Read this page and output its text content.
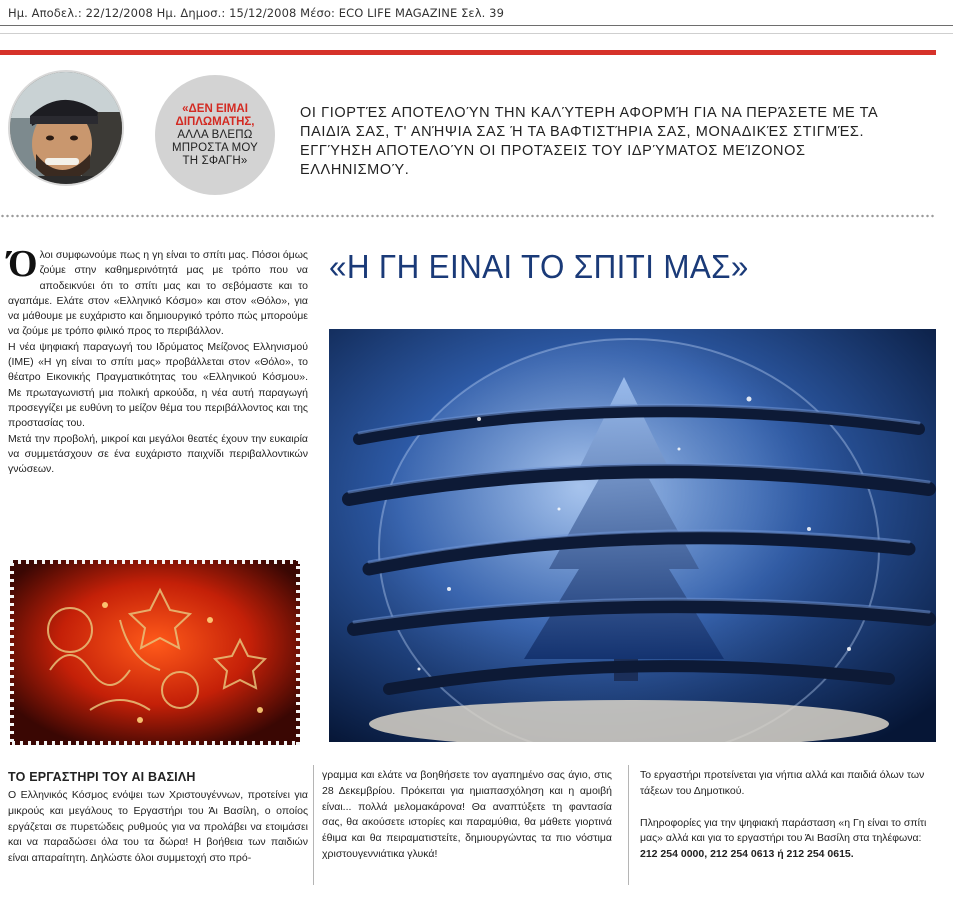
Ημ. Αποδελ.: 22/12/2008 Ημ. Δημοσ.: 15/12/2008 Μέσο: ECO LIFE MAGAZINE Σελ. 39
«ΔΕΝ ΕΙΜΑΙ
ΔΙΠΛΩΜΑΤΗΣ,
ΑΛΛΑ ΒΛΕΠΩ
ΜΠΡΟΣΤΑ ΜΟΥ
ΤΗ ΣΦΑΓΗ»
ΟΙ ΓΙΟΡΤΈΣ ΑΠΟΤΕΛΟΎΝ ΤΗΝ ΚΑΛΎΤΕΡΗ ΑΦΟΡΜΉ ΓΙΑ ΝΑ ΠΕΡΆΣΕΤΕ ΜΕ ΤΑ ΠΑΙΔΙΆ ΣΑΣ, Τ' ΑΝΉΨΙΑ ΣΑΣ Ή ΤΑ ΒΑΦΤΙΣΤΉΡΙΑ ΣΑΣ, ΜΟΝΑΔΙΚΈΣ ΣΤΙΓΜΈΣ. ΕΓΓΎΗΣΗ ΑΠΟΤΕΛΟΎΝ ΟΙ ΠΡΟΤΆΣΕΙΣ ΤΟΥ ΙΔΡΎΜΑΤΟΣ ΜΕΊΖΟΝΟΣ ΕΛΛΗΝΙΣΜΟΎ.

Όλοι συμφωνούμε πως η γη είναι το σπίτι μας. Πόσοι όμως ζούμε στην καθημερινότητά μας με τρόπο που να αποδεικνύει ότι το σπίτι μας και το σεβόμαστε και το αγαπάμε. Ελάτε στον «Ελληνικό Κόσμο» και στον «Θόλο», για να μάθουμε με ευχάριστο και δημιουργικό τρόπο πώς μπορούμε να ζούμε με τρόπο φιλικό προς το περιβάλλον.

Η νέα ψηφιακή παραγωγή του Ιδρύματος Μείζονος Ελληνισμού (ΙΜΕ) «Η γη είναι το σπίτι μας» προβάλλεται στον «Θόλο», το θέατρο Εικονικής Πραγματικότητας του «Ελληνικού Κόσμου». Με πρωταγωνιστή μια πολική αρκούδα, η νέα αυτή παραγωγή προσεγγίζει με ευθύνη το μείζον θέμα του περιβάλλοντος και της προστασίας του.

Μετά την προβολή, μικροί και μεγάλοι θεατές έχουν την ευκαιρία να συμμετάσχουν σε ένα ευχάριστο παιχνίδι περιβαλλοντικών γνώσεων.

«Η ΓΗ ΕΙΝΑΙ ΤΟ ΣΠΙΤΙ ΜΑΣ»
ΤΟ ΕΡΓΑΣΤΗΡΙ ΤΟΥ ΑΙ ΒΑΣΙΛΗ

Ο Ελληνικός Κόσμος ενόψει των Χριστουγέννων, προτείνει για μικρούς και μεγάλους το Εργαστήρι του Άι Βασίλη, ο οποίος εργάζεται σε πυρετώδεις ρυθμούς για να προλάβει να ετοιμάσει και να παραδώσει όλα του τα δώρα! Η βοήθεια των παιδιών είναι απαραίτητη. Δηλώστε όλοι συμμετοχή στο πρό-

γραμμα και ελάτε να βοηθήσετε τον αγαπημένο σας άγιο, στις 28 Δεκεμβρίου. Πρόκειται για ημιαπασχόληση και η αμοιβή είναι... πολλά μελομακάρονα! Θα αναπτύξετε τη φαντασία σας, θα ακούσετε ιστορίες και παραμύθια, θα μάθετε γιορτινά έθιμα και θα πειραματιστείτε, δημιουργώντας τα πιο νόστιμα χριστουγεννιάτικα γλυκά!

Το εργαστήρι προτείνεται για νήπια αλλά και παιδιά όλων των τάξεων του Δημοτικού.

Πληροφορίες για την ψηφιακή παράσταση «η Γη είναι το σπίτι μας» αλλά και για το εργαστήρι του Άι Βασίλη στα τηλέφωνα:

212 254 0000, 212 254 0613 ή 212 254 0615.
